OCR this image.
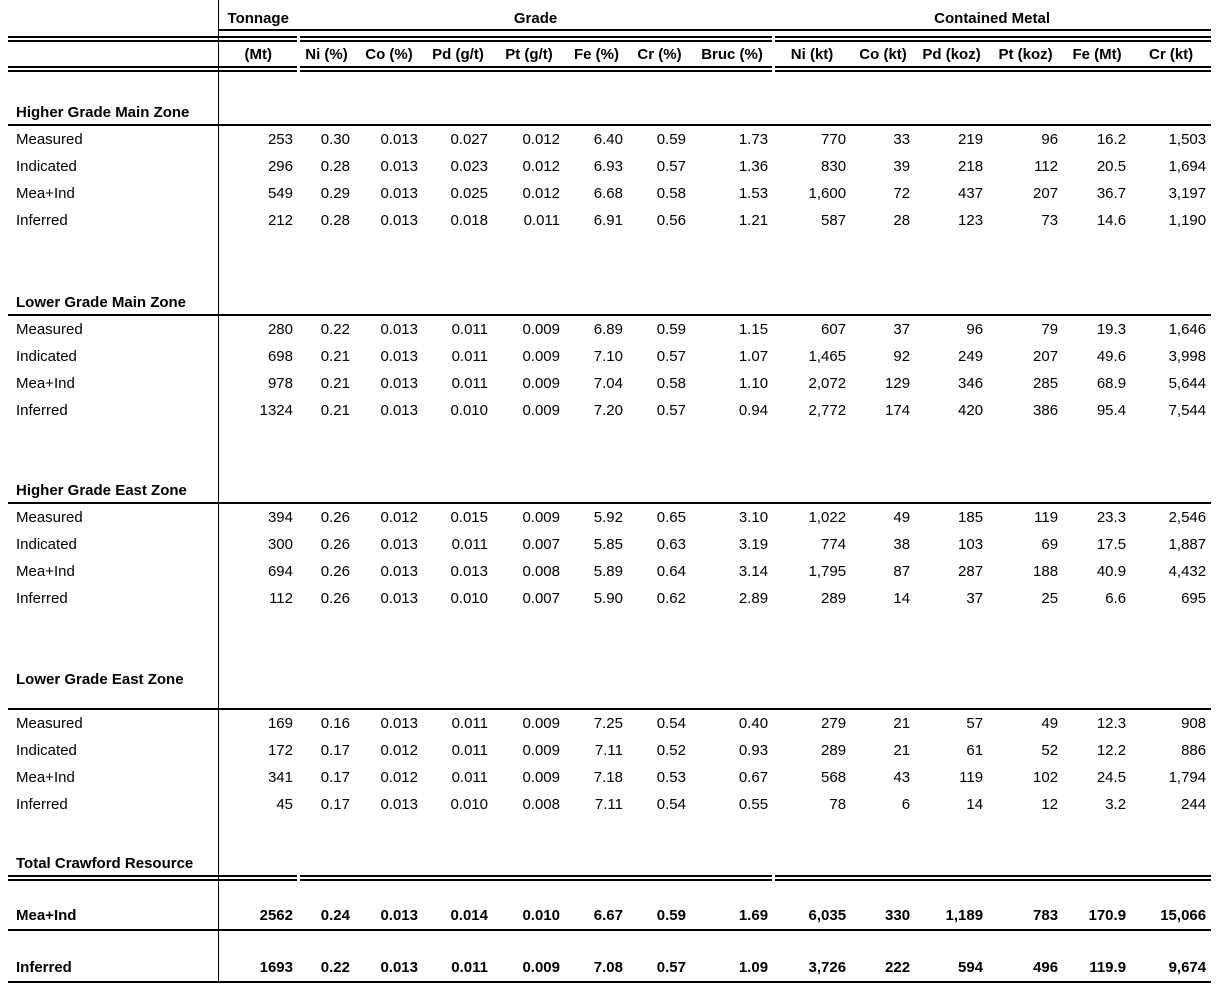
	Tonnage	Grade							Contained Metal					

	(Mt)	Ni (%)	Co (%)	Pd (g/t)	Pt (g/t)	Fe (%)	Cr (%)	Bruc (%)	Ni (kt)	Co (kt)	Pd (koz)	Pt (koz)	Fe (Mt)	Cr (kt)

Higher Grade Main Zone														
Measured	253	0.30	0.013	0.027	0.012	6.40	0.59	1.73	770	33	219	96	16.2	1,503
Indicated	296	0.28	0.013	0.023	0.012	6.93	0.57	1.36	830	39	218	112	20.5	1,694
Mea+Ind	549	0.29	0.013	0.025	0.012	6.68	0.58	1.53	1,600	72	437	207	36.7	3,197
Inferred	212	0.28	0.013	0.018	0.011	6.91	0.56	1.21	587	28	123	73	14.6	1,190

Lower Grade Main Zone														
Measured	280	0.22	0.013	0.011	0.009	6.89	0.59	1.15	607	37	96	79	19.3	1,646
Indicated	698	0.21	0.013	0.011	0.009	7.10	0.57	1.07	1,465	92	249	207	49.6	3,998
Mea+Ind	978	0.21	0.013	0.011	0.009	7.04	0.58	1.10	2,072	129	346	285	68.9	5,644
Inferred	1324	0.21	0.013	0.010	0.009	7.20	0.57	0.94	2,772	174	420	386	95.4	7,544

Higher Grade East Zone														
Measured	394	0.26	0.012	0.015	0.009	5.92	0.65	3.10	1,022	49	185	119	23.3	2,546
Indicated	300	0.26	0.013	0.011	0.007	5.85	0.63	3.19	774	38	103	69	17.5	1,887
Mea+Ind	694	0.26	0.013	0.013	0.008	5.89	0.64	3.14	1,795	87	287	188	40.9	4,432
Inferred	112	0.26	0.013	0.010	0.007	5.90	0.62	2.89	289	14	37	25	6.6	695

Lower Grade East Zone														

Measured	169	0.16	0.013	0.011	0.009	7.25	0.54	0.40	279	21	57	49	12.3	908
Indicated	172	0.17	0.012	0.011	0.009	7.11	0.52	0.93	289	21	61	52	12.2	886
Mea+Ind	341	0.17	0.012	0.011	0.009	7.18	0.53	0.67	568	43	119	102	24.5	1,794
Inferred	45	0.17	0.013	0.010	0.008	7.11	0.54	0.55	78	6	14	12	3.2	244

Total Crawford Resource														

Mea+Ind	2562	0.24	0.013	0.014	0.010	6.67	0.59	1.69	6,035	330	1,189	783	170.9	15,066

Inferred	1693	0.22	0.013	0.011	0.009	7.08	0.57	1.09	3,726	222	594	496	119.9	9,674
